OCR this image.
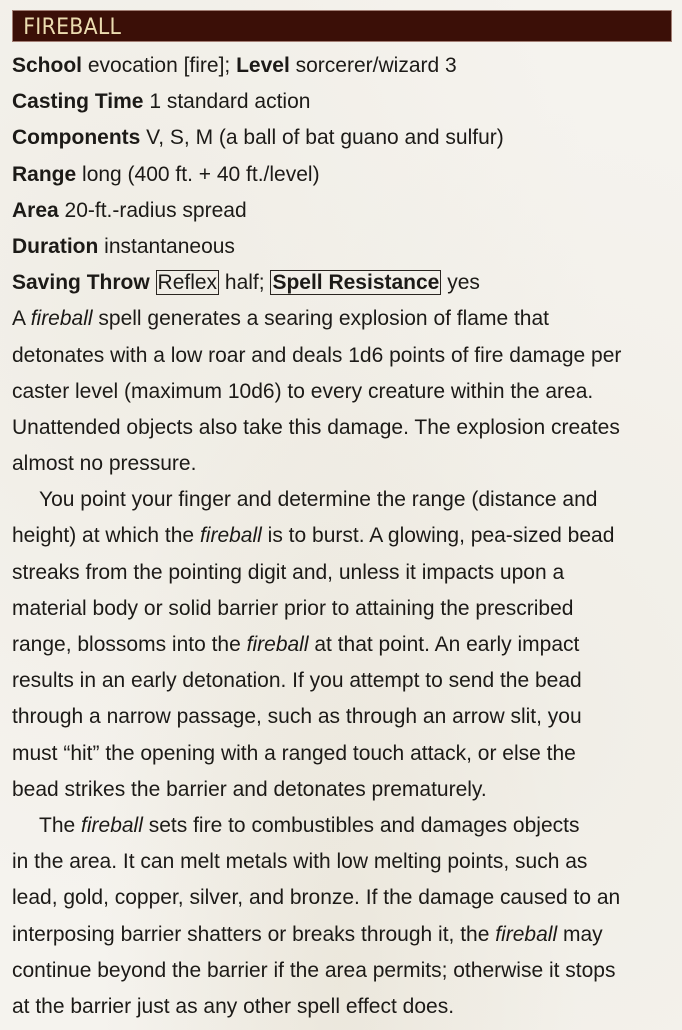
FIREBALL
School evocation [fire]; Level sorcerer/wizard 3
Casting Time 1 standard action
Components V, S, M (a ball of bat guano and sulfur)
Range long (400 ft. + 40 ft./level)
Area 20-ft.-radius spread
Duration instantaneous
Saving Throw Reflex half; Spell Resistance yes
A fireball spell generates a searing explosion of flame that
detonates with a low roar and deals 1d6 points of fire damage per
caster level (maximum 10d6) to every creature within the area.
Unattended objects also take this damage. The explosion creates
almost no pressure.
You point your finger and determine the range (distance and
height) at which the fireball is to burst. A glowing, pea-sized bead
streaks from the pointing digit and, unless it impacts upon a
material body or solid barrier prior to attaining the prescribed
range, blossoms into the fireball at that point. An early impact
results in an early detonation. If you attempt to send the bead
through a narrow passage, such as through an arrow slit, you
must “hit” the opening with a ranged touch attack, or else the
bead strikes the barrier and detonates prematurely.
The fireball sets fire to combustibles and damages objects
in the area. It can melt metals with low melting points, such as
lead, gold, copper, silver, and bronze. If the damage caused to an
interposing barrier shatters or breaks through it, the fireball may
continue beyond the barrier if the area permits; otherwise it stops
at the barrier just as any other spell effect does.
